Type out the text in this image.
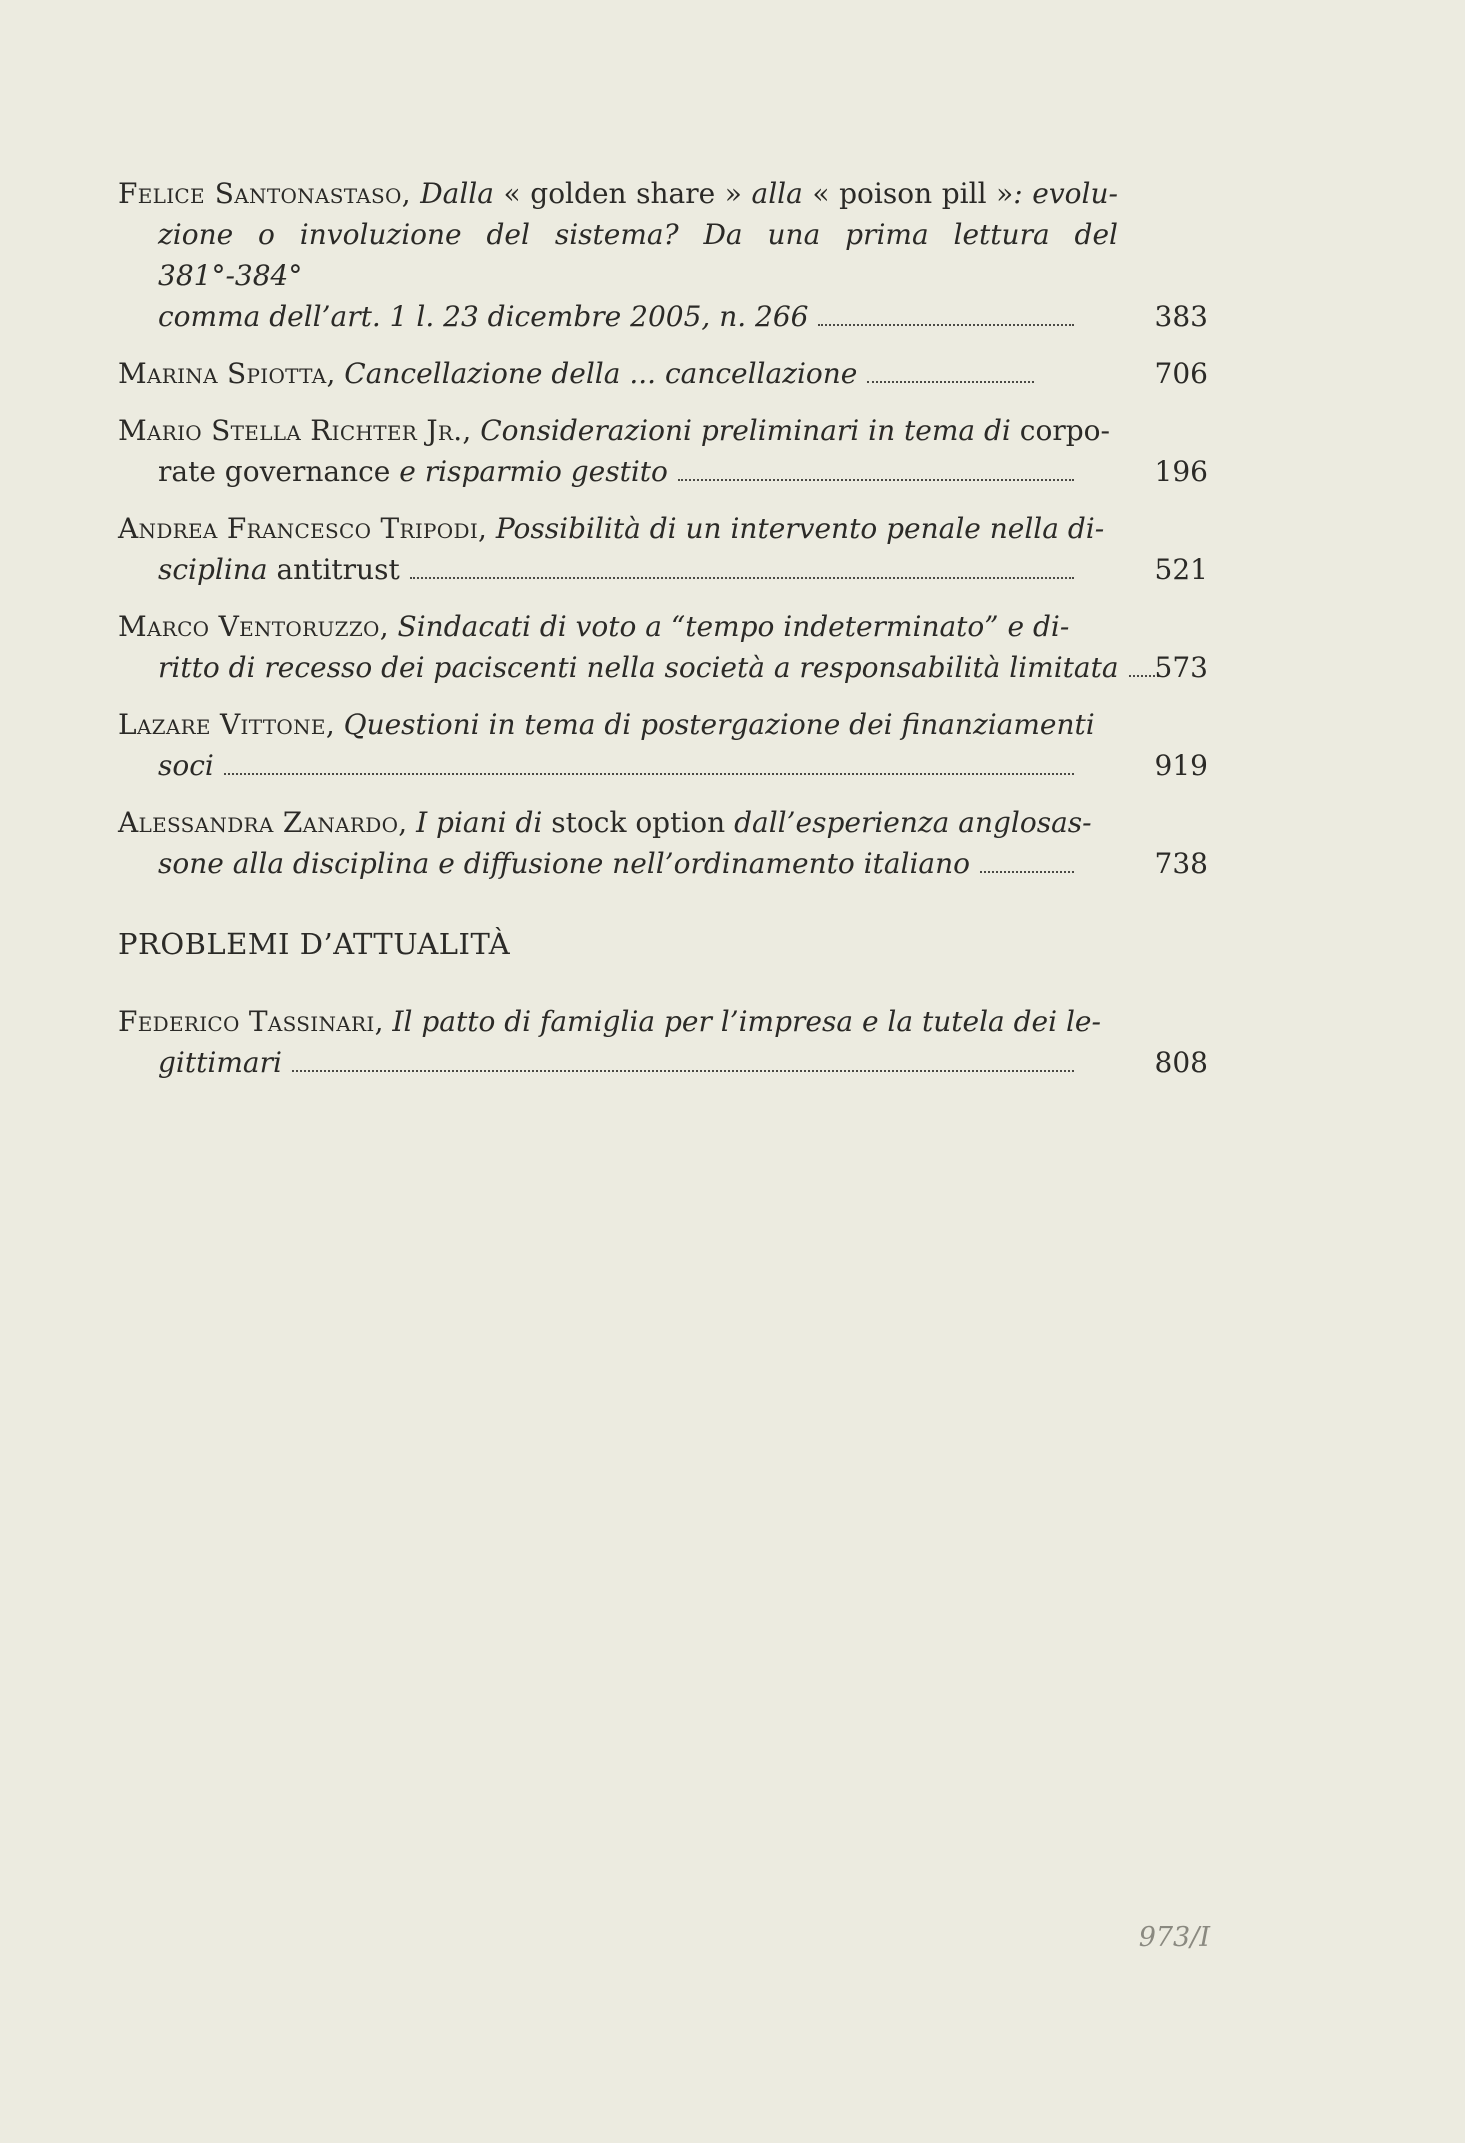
Felice Santonastaso, Dalla « golden share » alla « poison pill »: evolu- zione o involuzione del sistema? Da una prima lettura del 381°-384°
comma dell’art. 1 l. 23 dicembre 2005, n. 266	383
Marina Spiotta, Cancellazione della ... cancellazione	706
Mario Stella Richter Jr., Considerazioni preliminari in tema di corpo-
rate governance e risparmio gestito	196
Andrea Francesco Tripodi, Possibilità di un intervento penale nella di-
sciplina antitrust	521
Marco Ventoruzzo, Sindacati di voto a “tempo indeterminato” e di-
ritto di recesso dei paciscenti nella società a responsabilità limitata	573
Lazare Vittone, Questioni in tema di postergazione dei finanziamenti
soci	919
Alessandra Zanardo, I piani di stock option dall’esperienza anglosas-
sone alla disciplina e diffusione nell’ordinamento italiano	738
PROBLEMI D’ATTUALITÀ
Federico Tassinari, Il patto di famiglia per l’impresa e la tutela dei le-
gittimari	808
973/I
